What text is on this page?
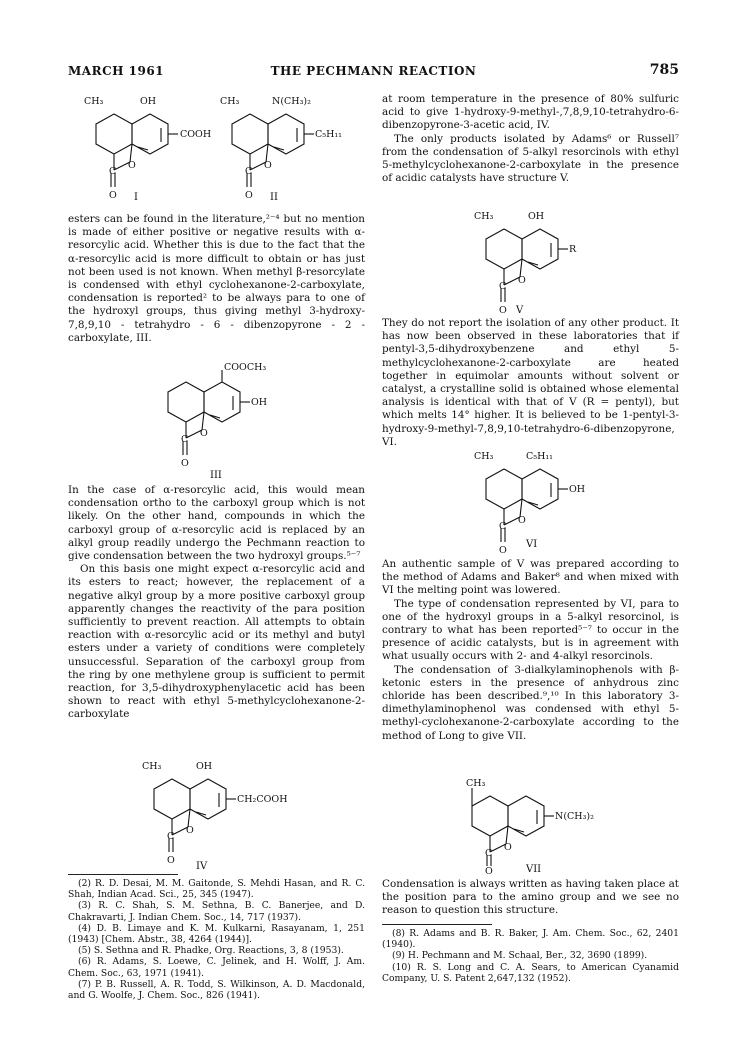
MARCH 1961	THE PECHMANN REACTION	785
CH₃	OH
COOH
C
O
O I
CH₃	N(CH₃)₂
C₅H₁₁
C
O
O II

esters can be found in the literature,²⁻⁴ but no mention is made of either positive or negative results with α-resorcylic acid. Whether this is due to the fact that the α-resorcylic acid is more difficult to obtain or has just not been used is not known. When methyl β-resorcylate is condensed with ethyl cyclohexanone-2-carboxylate, condensation is reported² to be always para to one of the hydroxyl groups, thus giving methyl 3-hydroxy-7,8,9,10 - tetrahydro - 6 - dibenzopyrone - 2 - carboxylate, III.

COOCH₃
OH
C
O
O
III

In the case of α-resorcylic acid, this would mean condensation ortho to the carboxyl group which is not likely. On the other hand, compounds in which the carboxyl group of α-resorcylic acid is replaced by an alkyl group readily undergo the Pechmann reaction to give condensation between the two hydroxyl groups.⁵⁻⁷

On this basis one might expect α-resorcylic acid and its esters to react; however, the replacement of a negative alkyl group by a more positive carboxyl group apparently changes the reactivity of the para position sufficiently to prevent reaction. All attempts to obtain reaction with α-resorcylic acid or its methyl and butyl esters under a variety of conditions were completely unsuccessful. Separation of the carboxyl group from the ring by one methylene group is sufficient to permit reaction, for 3,5-dihydroxyphenylacetic acid has been shown to react with ethyl 5-methylcyclohexanone-2-carboxylate

CH₃	OH
CH₂COOH
C
O
O
IV

(2) R. D. Desai, M. M. Gaitonde, S. Mehdi Hasan, and R. C. Shah, Indian Acad. Sci., 25, 345 (1947).

(3) R. C. Shah, S. M. Sethna, B. C. Banerjee, and D. Chakravarti, J. Indian Chem. Soc., 14, 717 (1937).

(4) D. B. Limaye and K. M. Kulkarni, Rasayanam, 1, 251 (1943) [Chem. Abstr., 38, 4264 (1944)].

(5) S. Sethna and R. Phadke, Org. Reactions, 3, 8 (1953).

(6) R. Adams, S. Loewe, C. Jelinek, and H. Wolff, J. Am. Chem. Soc., 63, 1971 (1941).

(7) P. B. Russell, A. R. Todd, S. Wilkinson, A. D. Macdonald, and G. Woolfe, J. Chem. Soc., 826 (1941).

at room temperature in the presence of 80% sulfuric acid to give 1-hydroxy-9-methyl-,7,8,9,10-tetrahydro-6-dibenzopyrone-3-acetic acid, IV.

The only products isolated by Adams⁶ or Russell⁷ from the condensation of 5-alkyl resorcinols with ethyl 5-methylcyclohexanone-2-carboxylate in the presence of acidic catalysts have structure V.

CH₃	OH
R
C
O
O V

They do not report the isolation of any other product. It has now been observed in these laboratories that if pentyl-3,5-dihydroxybenzene and ethyl 5-methylcyclohexanone-2-carboxylate are heated together in equimolar amounts without solvent or catalyst, a crystalline solid is obtained whose elemental analysis is identical with that of V (R = pentyl), but which melts 14° higher. It is believed to be 1-pentyl-3-hydroxy-9-methyl-7,8,9,10-tetrahydro-6-dibenzopyrone, VI.

CH₃	C₅H₁₁
OH
C
O
O
VI

An authentic sample of V was prepared according to the method of Adams and Baker⁸ and when mixed with VI the melting point was lowered.

The type of condensation represented by VI, para to one of the hydroxyl groups in a 5-alkyl resorcinol, is contrary to what has been reported⁵⁻⁷ to occur in the presence of acidic catalysts, but is in agreement with what usually occurs with 2- and 4-alkyl resorcinols.

The condensation of 3-dialkylaminophenols with β-ketonic esters in the presence of anhydrous zinc chloride has been described.⁹,¹⁰ In this laboratory 3-dimethylaminophenol was condensed with ethyl 5-methyl-cyclohexanone-2-carboxylate according to the method of Long to give VII.

CH₃
N(CH₃)₂
C
O
O	VII

Condensation is always written as having taken place at the position para to the amino group and we see no reason to question this structure.

(8) R. Adams and B. R. Baker, J. Am. Chem. Soc., 62, 2401 (1940).

(9) H. Pechmann and M. Schaal, Ber., 32, 3690 (1899).

(10) R. S. Long and C. A. Sears, to American Cyanamid Company, U. S. Patent 2,647,132 (1952).
